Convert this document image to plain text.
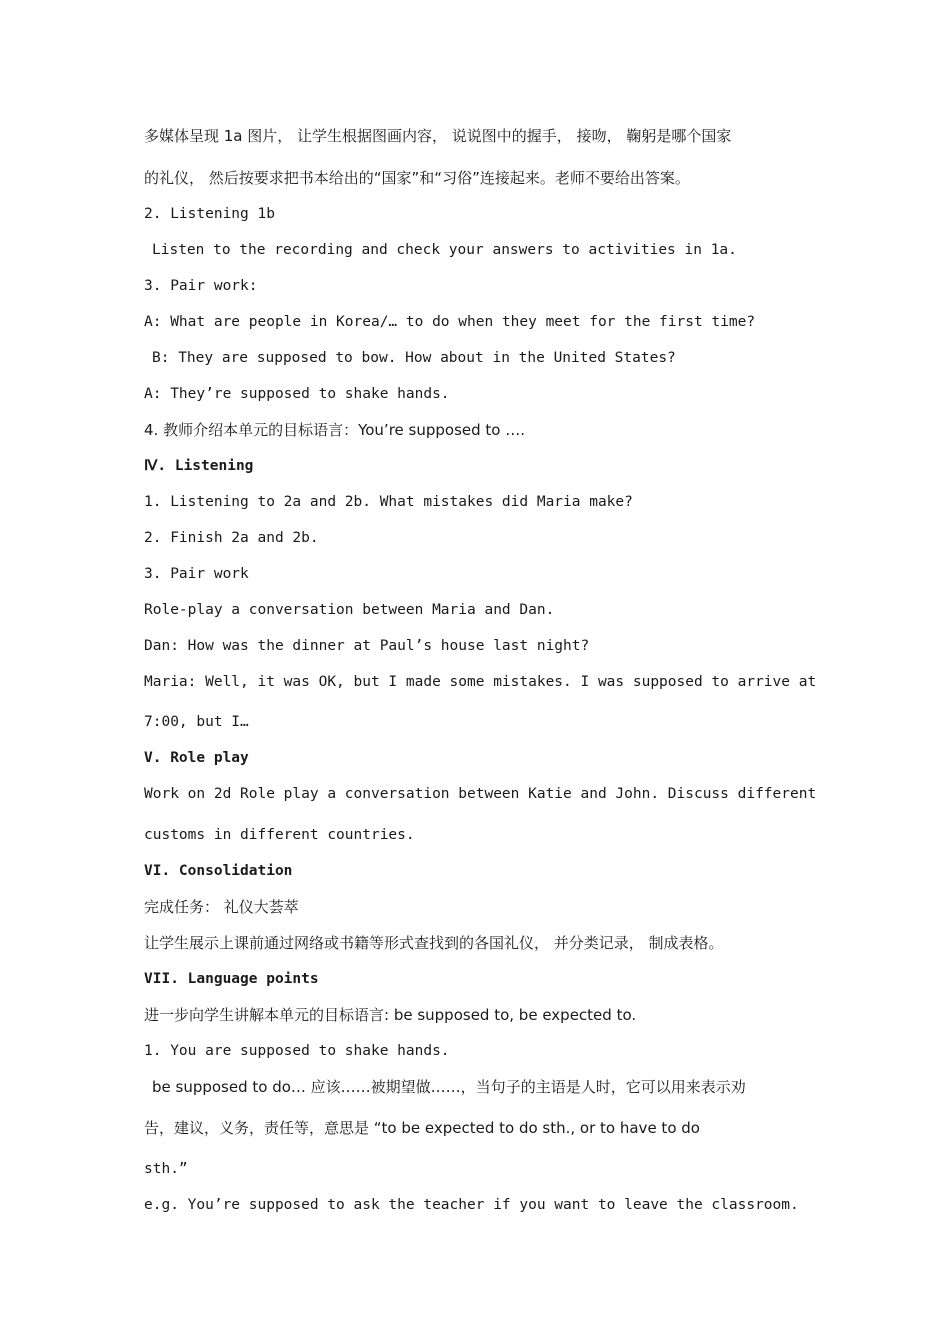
多媒体呈现 1a 图片， 让学生根据图画内容， 说说图中的握手， 接吻， 鞠躬是哪个国家
的礼仪， 然后按要求把书本给出的“国家”和“习俗”连接起来。老师不要给出答案。
2. Listening 1b
Listen to the recording and check your answers to activities in 1a.
3. Pair work:
A: What are people in Korea/… to do when they meet for the first time?
B: They are supposed to bow. How about in the United States?
A: They’re supposed to shake hands.
4. 教师介绍本单元的目标语言：You’re supposed to ….
Ⅳ. Listening
1. Listening to 2a and 2b. What mistakes did Maria make?
2. Finish 2a and 2b.
3. Pair work
Role-play a conversation between Maria and Dan.
Dan: How was the dinner at Paul’s house last night?
Maria: Well, it was OK, but I made some mistakes. I was supposed to arrive at
7:00, but I…
V. Role play
Work on 2d Role play a conversation between Katie and John. Discuss different
customs in different countries.
VI. Consolidation
完成任务： 礼仪大荟萃
让学生展示上课前通过网络或书籍等形式查找到的各国礼仪， 并分类记录， 制成表格。
VII. Language points
进一步向学生讲解本单元的目标语言: be supposed to, be expected to.
1. You are supposed to shake hands.
be supposed to do… 应该……被期望做……，当句子的主语是人时，它可以用来表示劝
告，建议，义务，责任等，意思是 “to be expected to do sth., or to have to do
sth.”
e.g. You’re supposed to ask the teacher if you want to leave the classroom.
